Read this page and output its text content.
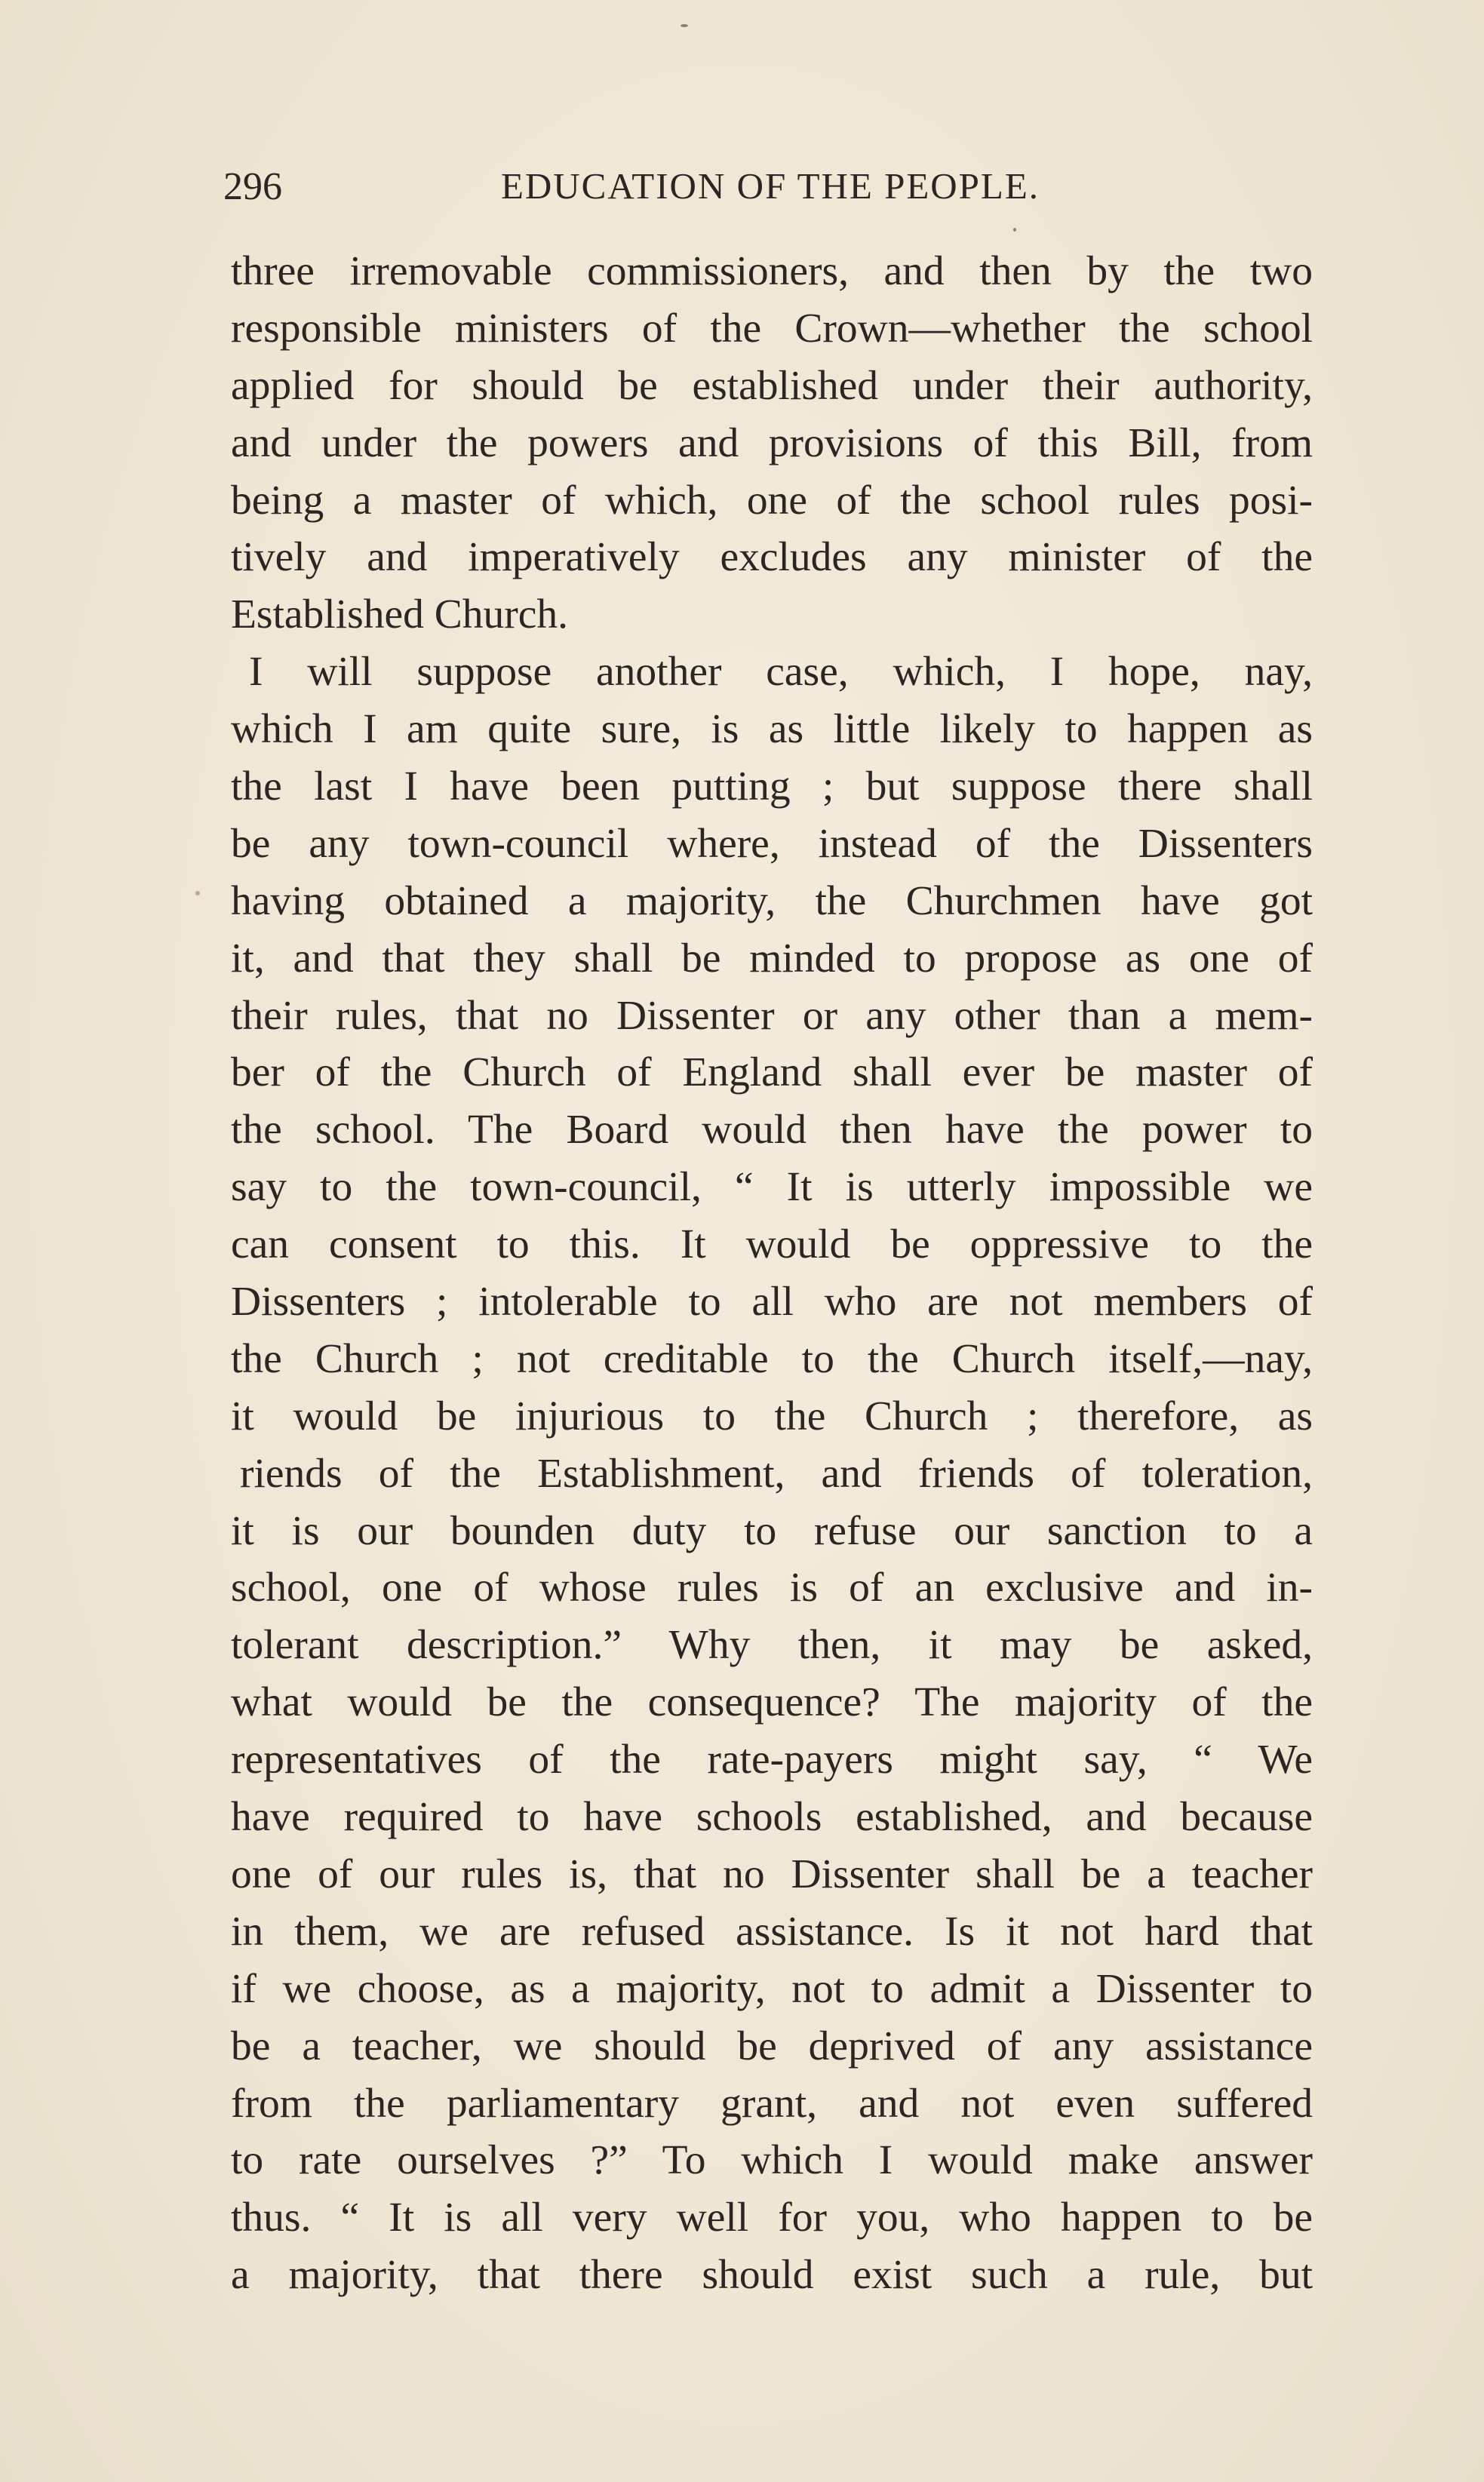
296	EDUCATION OF THE PEOPLE.
three irremovable commissioners, and then by the two
responsible ministers of the Crown—whether the school
applied for should be established under their authority,
and under the powers and provisions of this Bill, from
being a master of which, one of the school rules posi-
tively and imperatively excludes any minister of the
Established Church.
I will suppose another case, which, I hope, nay,
which I am quite sure, is as little likely to happen as
the last I have been putting ; but suppose there shall
be any town-council where, instead of the Dissenters
having obtained a majority, the Churchmen have got
it, and that they shall be minded to propose as one of
their rules, that no Dissenter or any other than a mem-
ber of the Church of England shall ever be master of
the school. The Board would then have the power to
say to the town-council, “ It is utterly impossible we
can consent to this. It would be oppressive to the
Dissenters ; intolerable to all who are not members of
the Church ; not creditable to the Church itself,—nay,
it would be injurious to the Church ; therefore, as
riends of the Establishment, and friends of toleration,
it is our bounden duty to refuse our sanction to a
school, one of whose rules is of an exclusive and in-
tolerant description.” Why then, it may be asked,
what would be the consequence? The majority of the
representatives of the rate-payers might say, “ We
have required to have schools established, and because
one of our rules is, that no Dissenter shall be a teacher
in them, we are refused assistance. Is it not hard that
if we choose, as a majority, not to admit a Dissenter to
be a teacher, we should be deprived of any assistance
from the parliamentary grant, and not even suffered
to rate ourselves ?” To which I would make answer
thus. “ It is all very well for you, who happen to be
a majority, that there should exist such a rule, but
